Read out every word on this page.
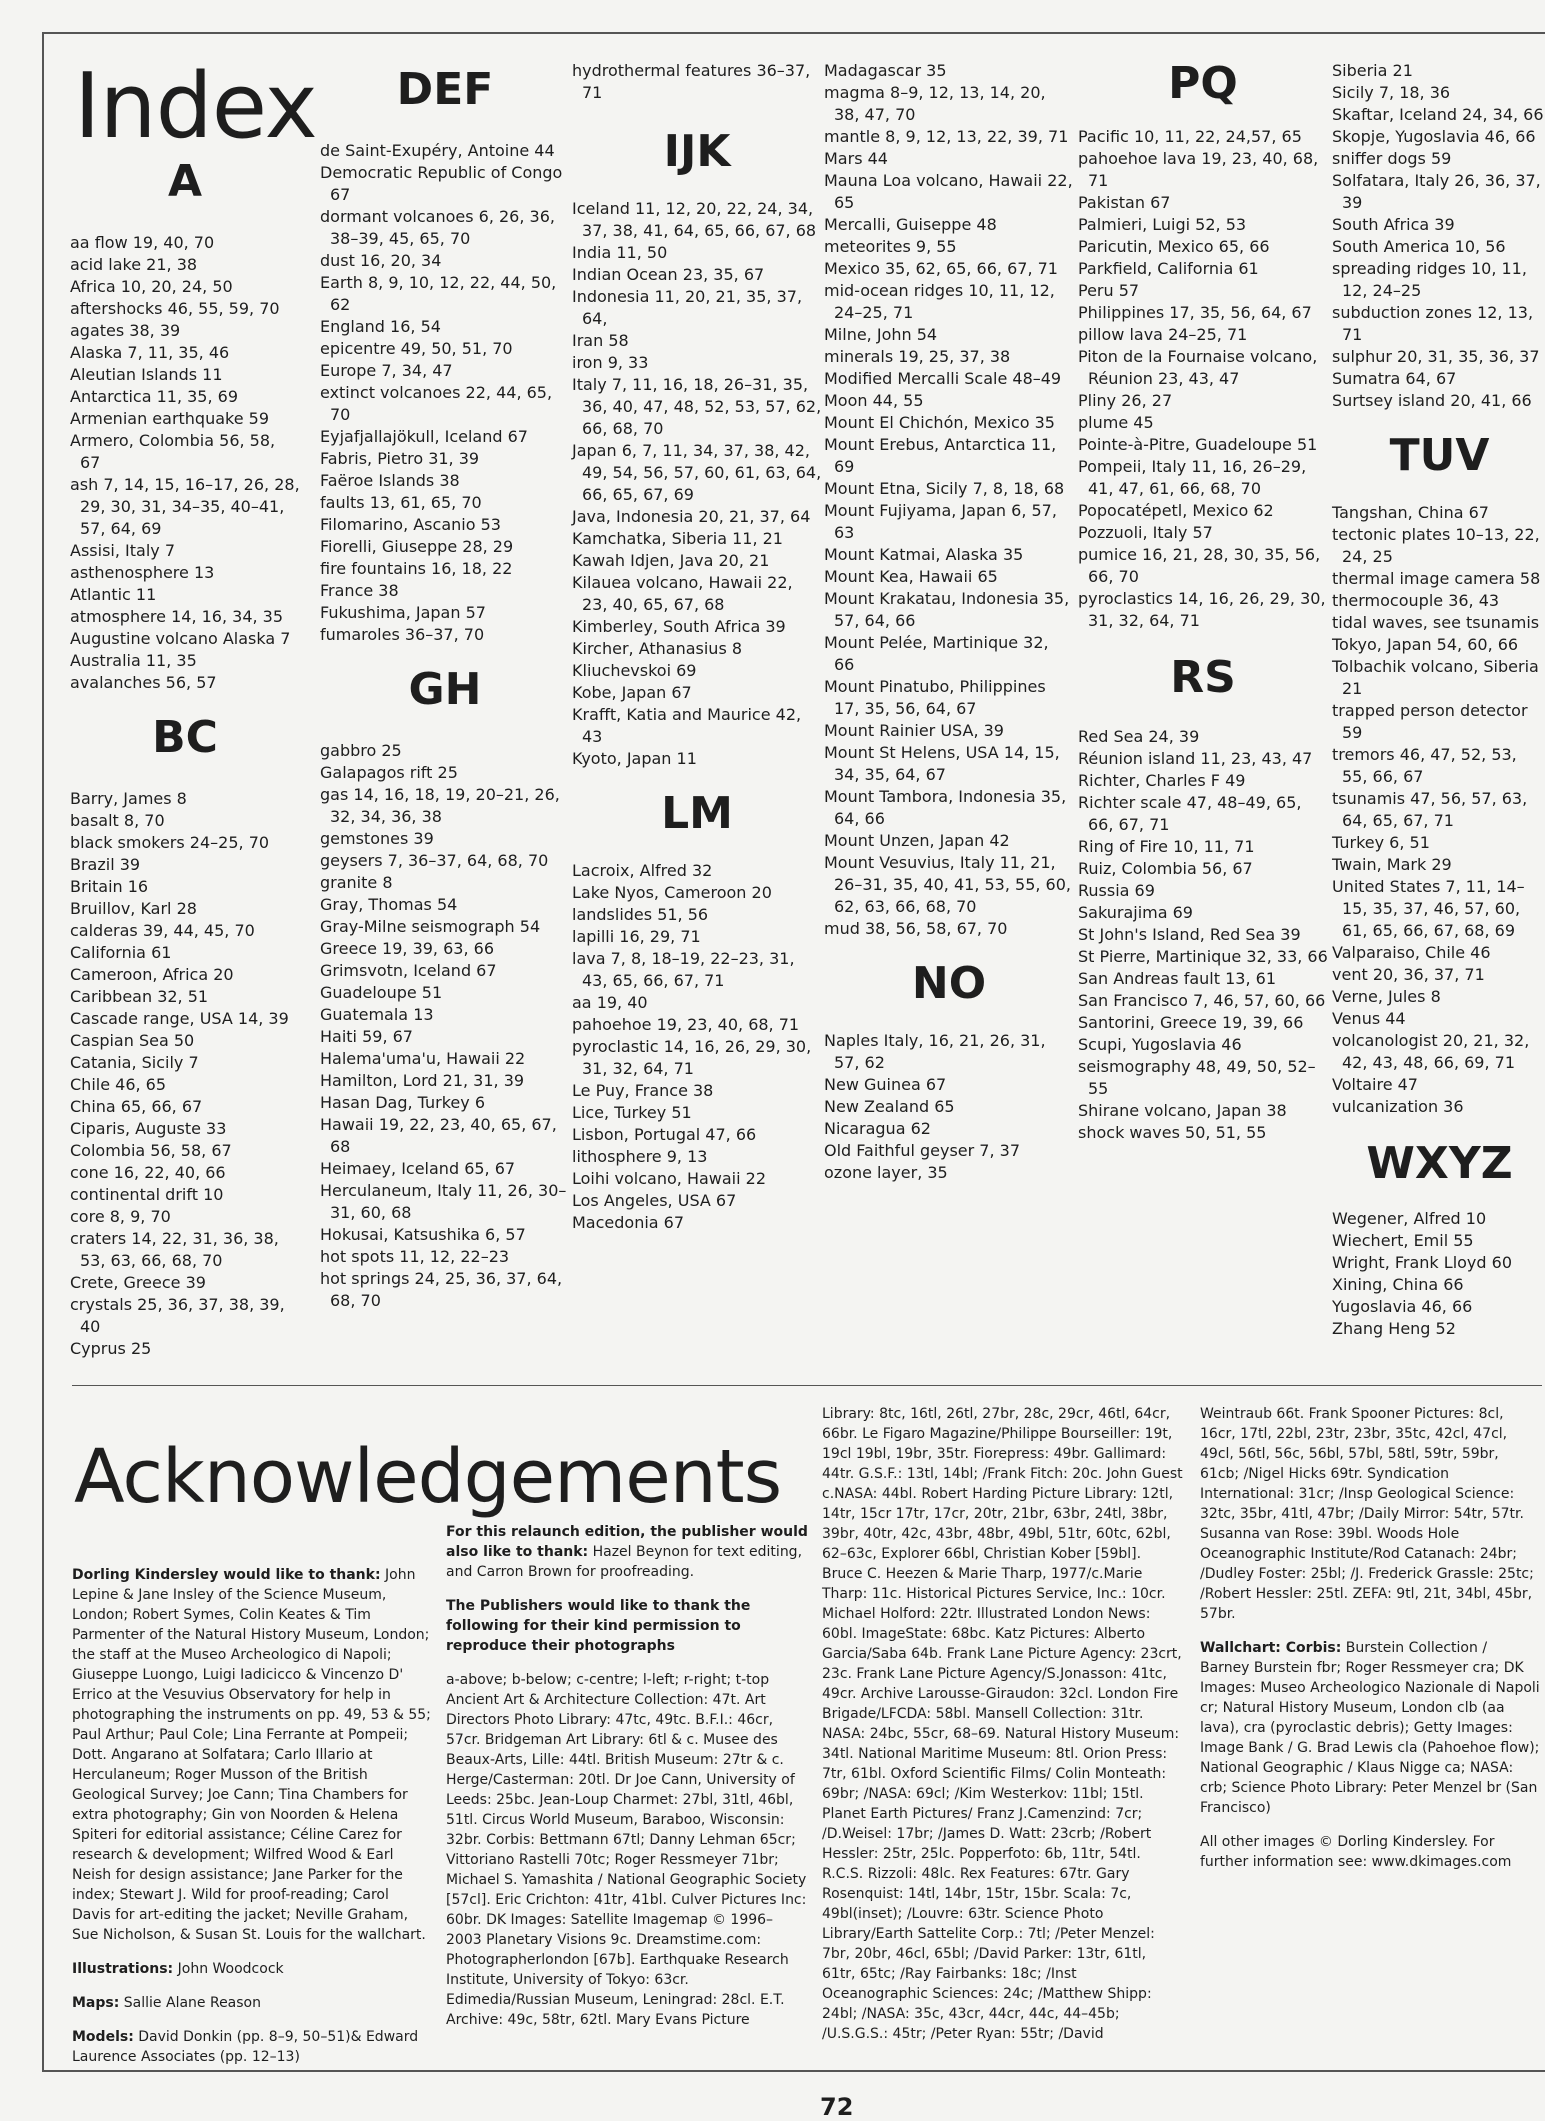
Index
A
aa flow 19, 40, 70
acid lake 21, 38
Africa 10, 20, 24, 50
aftershocks 46, 55, 59, 70
agates 38, 39
Alaska 7, 11, 35, 46
Aleutian Islands 11
Antarctica 11, 35, 69
Armenian earthquake 59
Armero, Colombia 56, 58, 67
ash 7, 14, 15, 16–17, 26, 28, 29, 30, 31, 34–35, 40–41, 57, 64, 69
Assisi, Italy 7
asthenosphere 13
Atlantic 11
atmosphere 14, 16, 34, 35
Augustine volcano Alaska 7
Australia 11, 35
avalanches 56, 57
BC
Barry, James 8
basalt 8, 70
black smokers 24–25, 70
Brazil 39
Britain 16
Bruillov, Karl 28
calderas 39, 44, 45, 70
California 61
Cameroon, Africa 20
Caribbean 32, 51
Cascade range, USA 14, 39
Caspian Sea 50
Catania, Sicily 7
Chile 46, 65
China 65, 66, 67
Ciparis, Auguste 33
Colombia 56, 58, 67
cone 16, 22, 40, 66
continental drift 10
core 8, 9, 70
craters 14, 22, 31, 36, 38, 53, 63, 66, 68, 70
Crete, Greece 39
crystals 25, 36, 37, 38, 39, 40
Cyprus 25
DEF
de Saint-Exupéry, Antoine 44
Democratic Republic of Congo 67
dormant volcanoes 6, 26, 36, 38–39, 45, 65, 70
dust 16, 20, 34
Earth 8, 9, 10, 12, 22, 44, 50, 62
England 16, 54
epicentre 49, 50, 51, 70
Europe 7, 34, 47
extinct volcanoes 22, 44, 65, 70
Eyjafjallajökull, Iceland 67
Fabris, Pietro 31, 39
Faëroe Islands 38
faults 13, 61, 65, 70
Filomarino, Ascanio 53
Fiorelli, Giuseppe 28, 29
fire fountains 16, 18, 22
France 38
Fukushima, Japan 57
fumaroles 36–37, 70
GH
gabbro 25
Galapagos rift 25
gas 14, 16, 18, 19, 20–21, 26, 32, 34, 36, 38
gemstones 39
geysers 7, 36–37, 64, 68, 70
granite 8
Gray, Thomas 54
Gray-Milne seismograph 54
Greece 19, 39, 63, 66
Grimsvotn, Iceland 67
Guadeloupe 51
Guatemala 13
Haiti 59, 67
Halema'uma'u, Hawaii 22
Hamilton, Lord 21, 31, 39
Hasan Dag, Turkey 6
Hawaii 19, 22, 23, 40, 65, 67, 68
Heimaey, Iceland 65, 67
Herculaneum, Italy 11, 26, 30–31, 60, 68
Hokusai, Katsushika 6, 57
hot spots 11, 12, 22–23
hot springs 24, 25, 36, 37, 64, 68, 70
hydrothermal features 36–37, 71
IJK
Iceland 11, 12, 20, 22, 24, 34, 37, 38, 41, 64, 65, 66, 67, 68
India 11, 50
Indian Ocean 23, 35, 67
Indonesia 11, 20, 21, 35, 37, 64,
Iran 58
iron 9, 33
Italy 7, 11, 16, 18, 26–31, 35, 36, 40, 47, 48, 52, 53, 57, 62, 66, 68, 70
Japan 6, 7, 11, 34, 37, 38, 42, 49, 54, 56, 57, 60, 61, 63, 64, 66, 65, 67, 69
Java, Indonesia 20, 21, 37, 64
Kamchatka, Siberia 11, 21
Kawah Idjen, Java 20, 21
Kilauea volcano, Hawaii 22, 23, 40, 65, 67, 68
Kimberley, South Africa 39
Kircher, Athanasius 8
Kliuchevskoi 69
Kobe, Japan 67
Krafft, Katia and Maurice 42, 43
Kyoto, Japan 11
LM
Lacroix, Alfred 32
Lake Nyos, Cameroon 20
landslides 51, 56
lapilli 16, 29, 71
lava 7, 8, 18–19, 22–23, 31, 43, 65, 66, 67, 71
aa 19, 40
pahoehoe 19, 23, 40, 68, 71
pyroclastic 14, 16, 26, 29, 30, 31, 32, 64, 71
Le Puy, France 38
Lice, Turkey 51
Lisbon, Portugal 47, 66
lithosphere 9, 13
Loihi volcano, Hawaii 22
Los Angeles, USA 67
Macedonia 67
Madagascar 35
magma 8–9, 12, 13, 14, 20, 38, 47, 70
mantle 8, 9, 12, 13, 22, 39, 71
Mars 44
Mauna Loa volcano, Hawaii 22, 65
Mercalli, Guiseppe 48
meteorites 9, 55
Mexico 35, 62, 65, 66, 67, 71
mid-ocean ridges 10, 11, 12, 24–25, 71
Milne, John 54
minerals 19, 25, 37, 38
Modified Mercalli Scale 48–49
Moon 44, 55
Mount El Chichón, Mexico 35
Mount Erebus, Antarctica 11, 69
Mount Etna, Sicily 7, 8, 18, 68
Mount Fujiyama, Japan 6, 57, 63
Mount Katmai, Alaska 35
Mount Kea, Hawaii 65
Mount Krakatau, Indonesia 35, 57, 64, 66
Mount Pelée, Martinique 32, 66
Mount Pinatubo, Philippines 17, 35, 56, 64, 67
Mount Rainier USA, 39
Mount St Helens, USA 14, 15, 34, 35, 64, 67
Mount Tambora, Indonesia 35, 64, 66
Mount Unzen, Japan 42
Mount Vesuvius, Italy 11, 21, 26–31, 35, 40, 41, 53, 55, 60, 62, 63, 66, 68, 70
mud 38, 56, 58, 67, 70
NO
Naples Italy, 16, 21, 26, 31, 57, 62
New Guinea 67
New Zealand 65
Nicaragua 62
Old Faithful geyser 7, 37
ozone layer, 35
PQ
Pacific 10, 11, 22, 24,57, 65
pahoehoe lava 19, 23, 40, 68, 71
Pakistan 67
Palmieri, Luigi 52, 53
Paricutin, Mexico 65, 66
Parkfield, California 61
Peru 57
Philippines 17, 35, 56, 64, 67
pillow lava 24–25, 71
Piton de la Fournaise volcano, Réunion 23, 43, 47
Pliny 26, 27
plume 45
Pointe-à-Pitre, Guadeloupe 51
Pompeii, Italy 11, 16, 26–29, 41, 47, 61, 66, 68, 70
Popocatépetl, Mexico 62
Pozzuoli, Italy 57
pumice 16, 21, 28, 30, 35, 56, 66, 70
pyroclastics 14, 16, 26, 29, 30, 31, 32, 64, 71
RS
Red Sea 24, 39
Réunion island 11, 23, 43, 47
Richter, Charles F 49
Richter scale 47, 48–49, 65, 66, 67, 71
Ring of Fire 10, 11, 71
Ruiz, Colombia 56, 67
Russia 69
Sakurajima 69
St John's Island, Red Sea 39
St Pierre, Martinique 32, 33, 66
San Andreas fault 13, 61
San Francisco 7, 46, 57, 60, 66
Santorini, Greece 19, 39, 66
Scupi, Yugoslavia 46
seismography 48, 49, 50, 52–55
Shirane volcano, Japan 38
shock waves 50, 51, 55
Siberia 21
Sicily 7, 18, 36
Skaftar, Iceland 24, 34, 66
Skopje, Yugoslavia 46, 66
sniffer dogs 59
Solfatara, Italy 26, 36, 37, 39
South Africa 39
South America 10, 56
spreading ridges 10, 11, 12, 24–25
subduction zones 12, 13, 71
sulphur 20, 31, 35, 36, 37
Sumatra 64, 67
Surtsey island 20, 41, 66
TUV
Tangshan, China 67
tectonic plates 10–13, 22, 24, 25
thermal image camera 58
thermocouple 36, 43
tidal waves, see tsunamis
Tokyo, Japan 54, 60, 66
Tolbachik volcano, Siberia 21
trapped person detector 59
tremors 46, 47, 52, 53, 55, 66, 67
tsunamis 47, 56, 57, 63, 64, 65, 67, 71
Turkey 6, 51
Twain, Mark 29
United States 7, 11, 14–15, 35, 37, 46, 57, 60, 61, 65, 66, 67, 68, 69
Valparaiso, Chile 46
vent 20, 36, 37, 71
Verne, Jules 8
Venus 44
volcanologist 20, 21, 32, 42, 43, 48, 66, 69, 71
Voltaire 47
vulcanization 36
WXYZ
Wegener, Alfred 10
Wiechert, Emil 55
Wright, Frank Lloyd 60
Xining, China 66
Yugoslavia 46, 66
Zhang Heng 52
Acknowledgements

Dorling Kindersley would like to thank: John Lepine & Jane Insley of the Science Museum, London; Robert Symes, Colin Keates & Tim Parmenter of the Natural History Museum, London; the staff at the Museo Archeologico di Napoli; Giuseppe Luongo, Luigi Iadicicco & Vincenzo D' Errico at the Vesuvius Observatory for help in photographing the instruments on pp. 49, 53 & 55; Paul Arthur; Paul Cole; Lina Ferrante at Pompeii; Dott. Angarano at Solfatara; Carlo Illario at Herculaneum; Roger Musson of the British Geological Survey; Joe Cann; Tina Chambers for extra photography; Gin von Noorden & Helena Spiteri for editorial assistance; Céline Carez for research & development; Wilfred Wood & Earl Neish for design assistance; Jane Parker for the index; Stewart J. Wild for proof-reading; Carol Davis for art-editing the jacket; Neville Graham, Sue Nicholson, & Susan St. Louis for the wallchart.

Illustrations: John Woodcock

Maps: Sallie Alane Reason

Models: David Donkin (pp. 8–9, 50–51)& Edward Laurence Associates (pp. 12–13)

For this relaunch edition, the publisher would also like to thank: Hazel Beynon for text editing, and Carron Brown for proofreading.

The Publishers would like to thank the following for their kind permission to reproduce their photographs

a-above; b-below; c-centre; l-left; r-right; t-top Ancient Art & Architecture Collection: 47t. Art Directors Photo Library: 47tc, 49tc. B.F.I.: 46cr, 57cr. Bridgeman Art Library: 6tl & c. Musee des Beaux-Arts, Lille: 44tl. British Museum: 27tr & c. Herge/Casterman: 20tl. Dr Joe Cann, University of Leeds: 25bc. Jean-Loup Charmet: 27bl, 31tl, 46bl, 51tl. Circus World Museum, Baraboo, Wisconsin: 32br. Corbis: Bettmann 67tl; Danny Lehman 65cr; Vittoriano Rastelli 70tc; Roger Ressmeyer 71br; Michael S. Yamashita / National Geographic Society [57cl]. Eric Crichton: 41tr, 41bl. Culver Pictures Inc: 60br. DK Images: Satellite Imagemap © 1996–2003 Planetary Visions 9c. Dreamstime.com: Photographerlondon [67b]. Earthquake Research Institute, University of Tokyo: 63cr. Edimedia/Russian Museum, Leningrad: 28cl. E.T. Archive: 49c, 58tr, 62tl. Mary Evans Picture

Library: 8tc, 16tl, 26tl, 27br, 28c, 29cr, 46tl, 64cr, 66br. Le Figaro Magazine/Philippe Bourseiller: 19t, 19cl 19bl, 19br, 35tr. Fiorepress: 49br. Gallimard: 44tr. G.S.F.: 13tl, 14bl; /Frank Fitch: 20c. John Guest c.NASA: 44bl. Robert Harding Picture Library: 12tl, 14tr, 15cr 17tr, 17cr, 20tr, 21br, 63br, 24tl, 38br, 39br, 40tr, 42c, 43br, 48br, 49bl, 51tr, 60tc, 62bl, 62–63c, Explorer 66bl, Christian Kober [59bl]. Bruce C. Heezen & Marie Tharp, 1977/c.Marie Tharp: 11c. Historical Pictures Service, Inc.: 10cr. Michael Holford: 22tr. Illustrated London News: 60bl. ImageState: 68bc. Katz Pictures: Alberto Garcia/Saba 64b. Frank Lane Picture Agency: 23crt, 23c. Frank Lane Picture Agency/S.Jonasson: 41tc, 49cr. Archive Larousse-Giraudon: 32cl. London Fire Brigade/LFCDA: 58bl. Mansell Collection: 31tr. NASA: 24bc, 55cr, 68–69. Natural History Museum: 34tl. National Maritime Museum: 8tl. Orion Press: 7tr, 61bl. Oxford Scientific Films/ Colin Monteath: 69br; /NASA: 69cl; /Kim Westerkov: 11bl; 15tl. Planet Earth Pictures/ Franz J.Camenzind: 7cr; /D.Weisel: 17br; /James D. Watt: 23crb; /Robert Hessler: 25tr, 25lc. Popperfoto: 6b, 11tr, 54tl. R.C.S. Rizzoli: 48lc. Rex Features: 67tr. Gary Rosenquist: 14tl, 14br, 15tr, 15br. Scala: 7c, 49bl(inset); /Louvre: 63tr. Science Photo Library/Earth Sattelite Corp.: 7tl; /Peter Menzel: 7br, 20br, 46cl, 65bl; /David Parker: 13tr, 61tl, 61tr, 65tc; /Ray Fairbanks: 18c; /Inst Oceanographic Sciences: 24c; /Matthew Shipp: 24bl; /NASA: 35c, 43cr, 44cr, 44c, 44–45b; /U.S.G.S.: 45tr; /Peter Ryan: 55tr; /David

Weintraub 66t. Frank Spooner Pictures: 8cl, 16cr, 17tl, 22bl, 23tr, 23br, 35tc, 42cl, 47cl, 49cl, 56tl, 56c, 56bl, 57bl, 58tl, 59tr, 59br, 61cb; /Nigel Hicks 69tr. Syndication International: 31cr; /Insp Geological Science: 32tc, 35br, 41tl, 47br; /Daily Mirror: 54tr, 57tr. Susanna van Rose: 39bl. Woods Hole Oceanographic Institute/Rod Catanach: 24br; /Dudley Foster: 25bl; /J. Frederick Grassle: 25tc; /Robert Hessler: 25tl. ZEFA: 9tl, 21t, 34bl, 45br, 57br.

Wallchart: Corbis: Burstein Collection / Barney Burstein fbr; Roger Ressmeyer cra; DK Images: Museo Archeologico Nazionale di Napoli cr; Natural History Museum, London clb (aa lava), cra (pyroclastic debris); Getty Images: Image Bank / G. Brad Lewis cla (Pahoehoe flow); National Geographic / Klaus Nigge ca; NASA: crb; Science Photo Library: Peter Menzel br (San Francisco)

All other images © Dorling Kindersley. For further information see: www.dkimages.com

72
